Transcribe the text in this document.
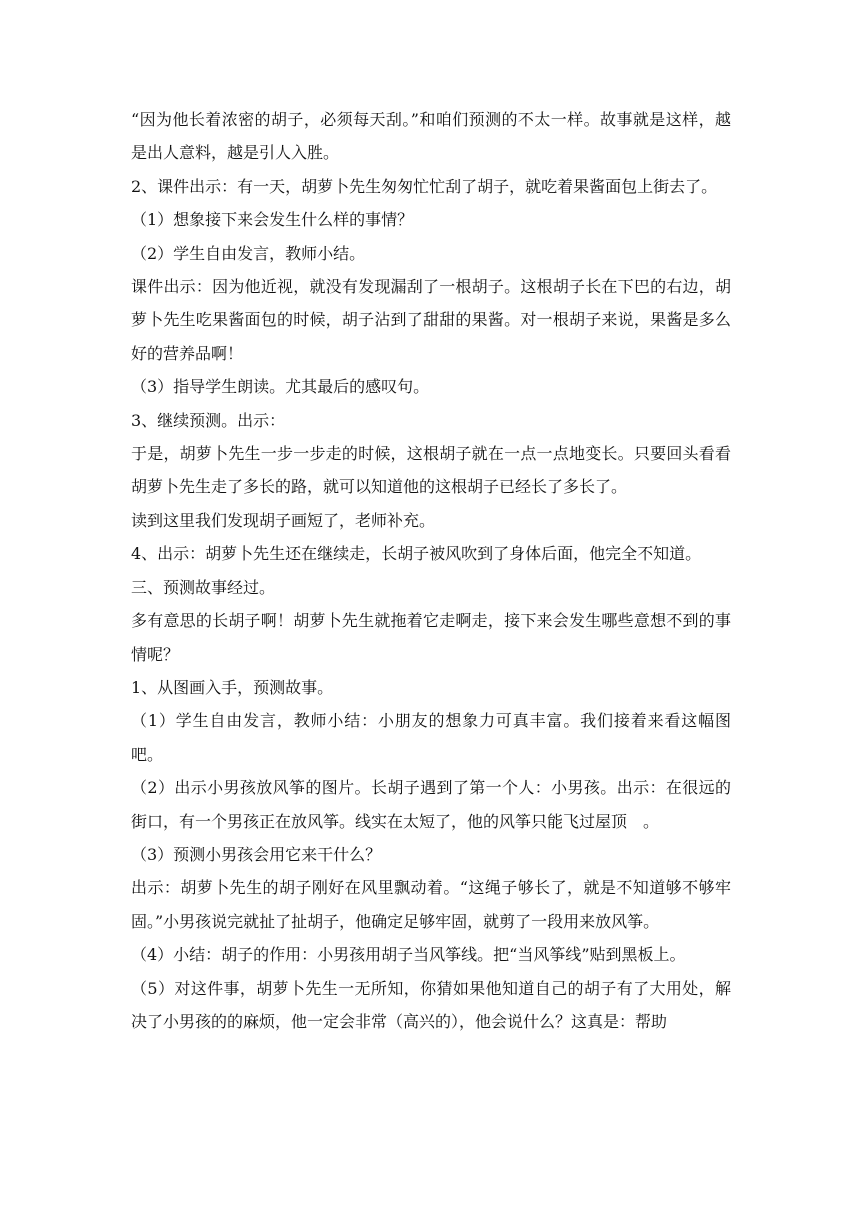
“因为他长着浓密的胡子，必须每天刮。”和咱们预测的不太一样。故事就是这样，越是出人意料，越是引人入胜。

2、课件出示：有一天，胡萝卜先生匆匆忙忙刮了胡子，就吃着果酱面包上街去了。

（1）想象接下来会发生什么样的事情？

（2）学生自由发言，教师小结。

课件出示：因为他近视，就没有发现漏刮了一根胡子。这根胡子长在下巴的右边，胡萝卜先生吃果酱面包的时候，胡子沾到了甜甜的果酱。对一根胡子来说，果酱是多么好的营养品啊！

（3）指导学生朗读。尤其最后的感叹句。

3、继续预测。出示：

于是，胡萝卜先生一步一步走的时候，这根胡子就在一点一点地变长。只要回头看看胡萝卜先生走了多长的路，就可以知道他的这根胡子已经长了多长了。

读到这里我们发现胡子画短了，老师补充。

4、出示：胡萝卜先生还在继续走，长胡子被风吹到了身体后面，他完全不知道。

三、预测故事经过。

多有意思的长胡子啊！胡萝卜先生就拖着它走啊走，接下来会发生哪些意想不到的事情呢？

1、从图画入手，预测故事。

（1）学生自由发言，教师小结：小朋友的想象力可真丰富。我们接着来看这幅图吧。

（2）出示小男孩放风筝的图片。长胡子遇到了第一个人：小男孩。出示：在很远的街口，有一个男孩正在放风筝。线实在太短了，他的风筝只能飞过屋顶　。

（3）预测小男孩会用它来干什么？

出示：胡萝卜先生的胡子刚好在风里飘动着。“这绳子够长了，就是不知道够不够牢固。”小男孩说完就扯了扯胡子，他确定足够牢固，就剪了一段用来放风筝。

（4）小结：胡子的作用：小男孩用胡子当风筝线。把“当风筝线”贴到黑板上。

（5）对这件事，胡萝卜先生一无所知，你猜如果他知道自己的胡子有了大用处，解决了小男孩的的麻烦，他一定会非常（高兴的），他会说什么？这真是：帮助
